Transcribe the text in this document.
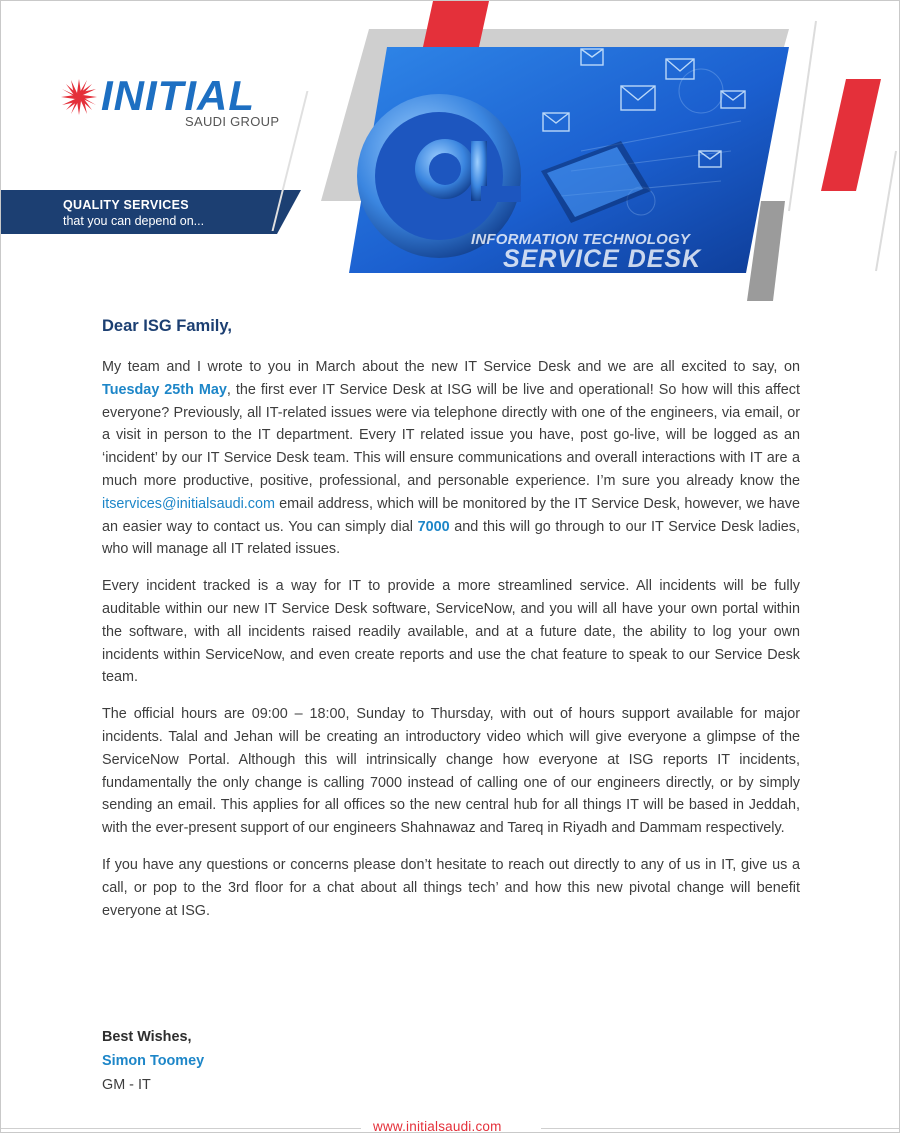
INITIAL
SAUDI GROUP
QUALITY SERVICES
that you can depend on...
INFORMATION TECHNOLOGY
SERVICE DESK
Dear ISG Family,

My team and I wrote to you in March about the new IT Service Desk and we are all excited to say, on Tuesday 25th May, the first ever IT Service Desk at ISG will be live and operational! So how will this affect everyone? Previously, all IT-related issues were via telephone directly with one of the engineers, via email, or a visit in person to the IT department. Every IT related issue you have, post go-live, will be logged as an ‘incident’ by our IT Service Desk team. This will ensure communications and overall interactions with IT are a much more productive, positive, professional, and personable experience. I’m sure you already know the itservices@initialsaudi.com email address, which will be monitored by the IT Service Desk, however, we have an easier way to contact us. You can simply dial 7000 and this will go through to our IT Service Desk ladies, who will manage all IT related issues.

Every incident tracked is a way for IT to provide a more streamlined service. All incidents will be fully auditable within our new IT Service Desk software, ServiceNow, and you will all have your own portal within the software, with all incidents raised readily available, and at a future date, the ability to log your own incidents within ServiceNow, and even create reports and use the chat feature to speak to our Service Desk team.

The official hours are 09:00 – 18:00, Sunday to Thursday, with out of hours support available for major incidents. Talal and Jehan will be creating an introductory video which will give everyone a glimpse of the ServiceNow Portal. Although this will intrinsically change how everyone at ISG reports IT incidents, fundamentally the only change is calling 7000 instead of calling one of our engineers directly, or by simply sending an email. This applies for all offices so the new central hub for all things IT will be based in Jeddah, with the ever-present support of our engineers Shahnawaz and Tareq in Riyadh and Dammam respectively.

If you have any questions or concerns please don’t hesitate to reach out directly to any of us in IT, give us a call, or pop to the 3rd floor for a chat about all things tech’ and how this new pivotal change will benefit everyone at ISG.

Best Wishes,
Simon Toomey
GM - IT
www.initialsaudi.com
